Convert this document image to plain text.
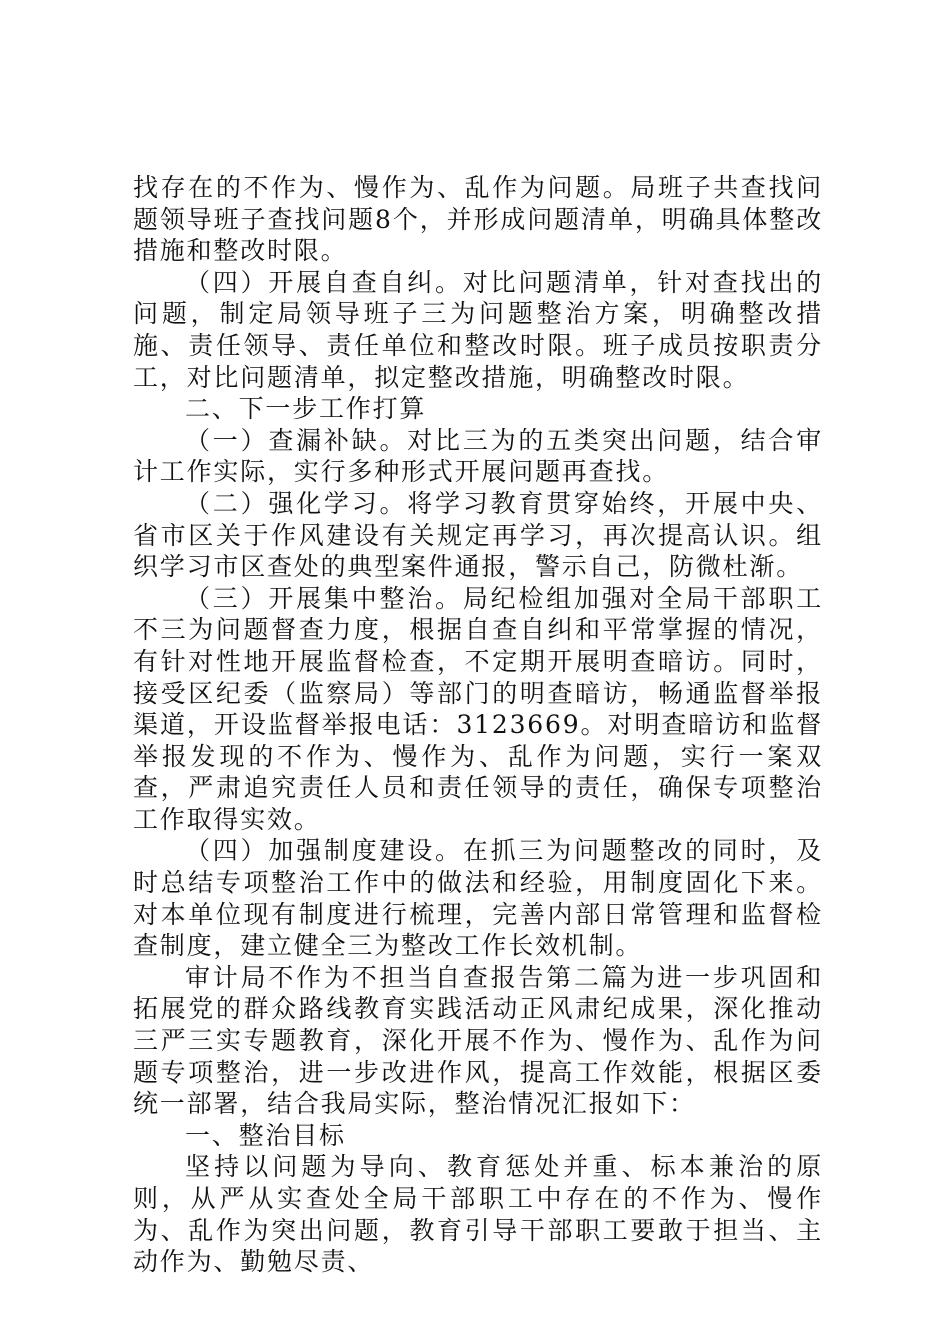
找存在的不作为、慢作为、乱作为问题。局班子共查找问题领导班子查找问题8个，并形成问题清单，明确具体整改措施和整改时限。

（四）开展自查自纠。对比问题清单，针对查找出的问题，制定局领导班子三为问题整治方案，明确整改措施、责任领导、责任单位和整改时限。班子成员按职责分工，对比问题清单，拟定整改措施，明确整改时限。

二、下一步工作打算

（一）查漏补缺。对比三为的五类突出问题，结合审计工作实际，实行多种形式开展问题再查找。

（二）强化学习。将学习教育贯穿始终，开展中央、省市区关于作风建设有关规定再学习，再次提高认识。组织学习市区查处的典型案件通报，警示自己，防微杜渐。

（三）开展集中整治。局纪检组加强对全局干部职工不三为问题督查力度，根据自查自纠和平常掌握的情况，有针对性地开展监督检查，不定期开展明查暗访。同时，接受区纪委（监察局）等部门的明查暗访，畅通监督举报渠道，开设监督举报电话：3123669。对明查暗访和监督举报发现的不作为、慢作为、乱作为问题，实行一案双查，严肃追究责任人员和责任领导的责任，确保专项整治工作取得实效。

（四）加强制度建设。在抓三为问题整改的同时，及时总结专项整治工作中的做法和经验，用制度固化下来。对本单位现有制度进行梳理，完善内部日常管理和监督检查制度，建立健全三为整改工作长效机制。

审计局不作为不担当自查报告第二篇为进一步巩固和拓展党的群众路线教育实践活动正风肃纪成果，深化推动三严三实专题教育，深化开展不作为、慢作为、乱作为问题专项整治，进一步改进作风，提高工作效能，根据区委统一部署，结合我局实际，整治情况汇报如下：

一、整治目标

坚持以问题为导向、教育惩处并重、标本兼治的原则，从严从实查处全局干部职工中存在的不作为、慢作为、乱作为突出问题，教育引导干部职工要敢于担当、主动作为、勤勉尽责、
